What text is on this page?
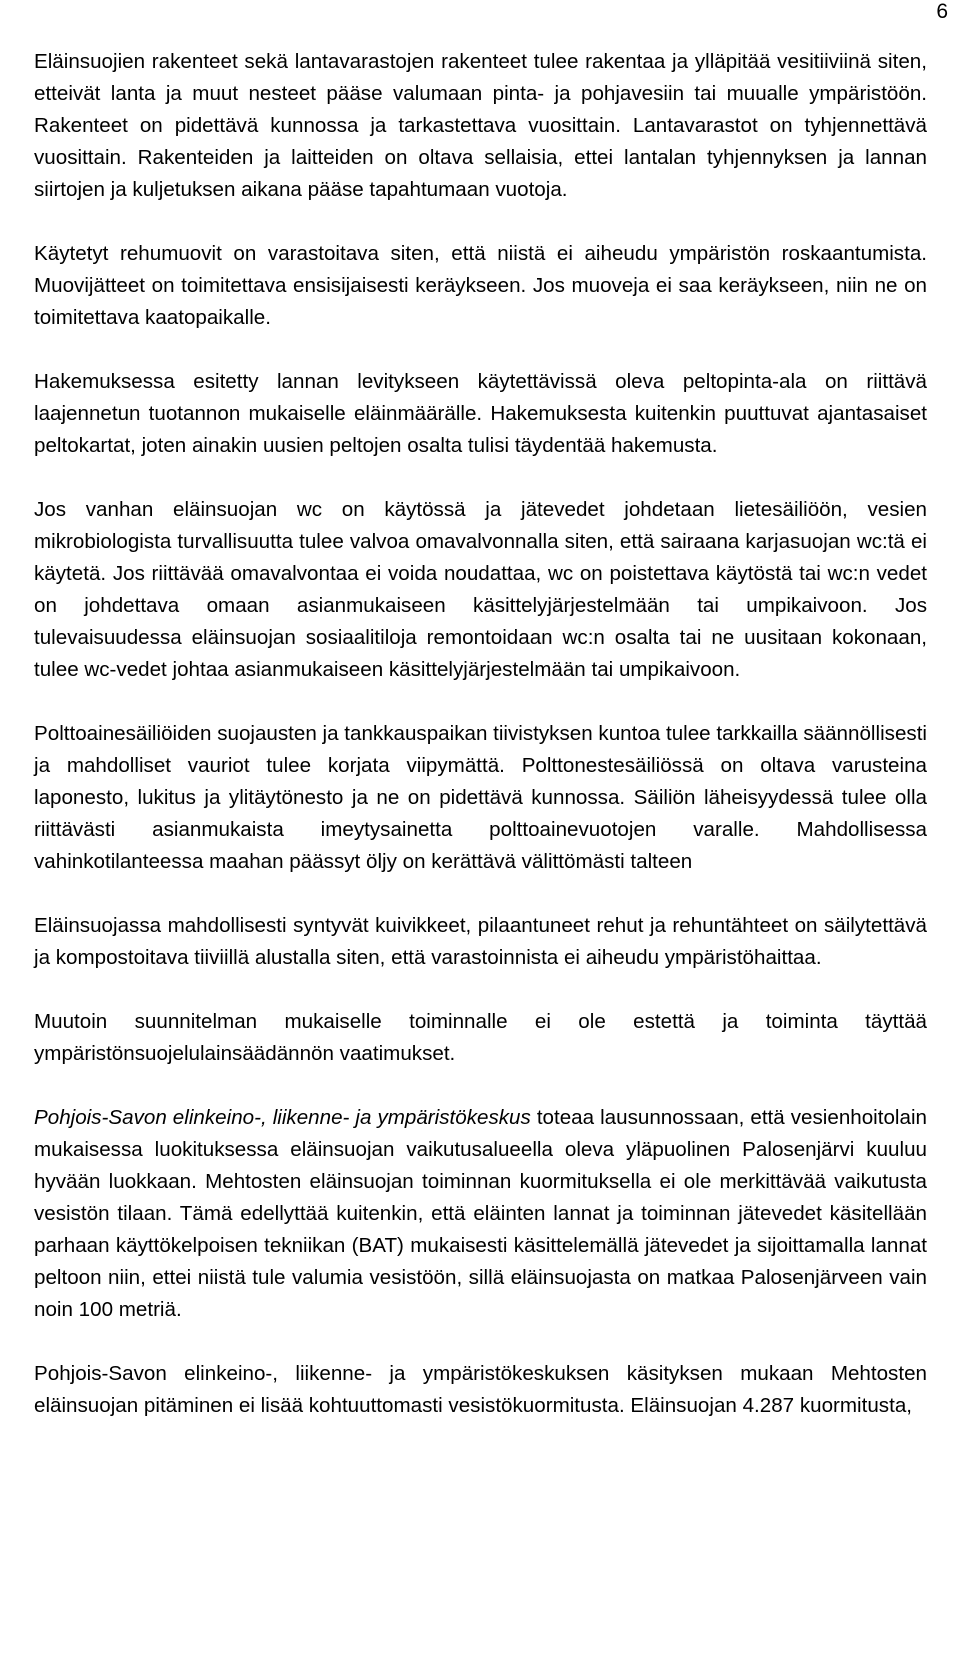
6

Eläinsuojien rakenteet sekä lantavarastojen rakenteet tulee rakentaa ja ylläpitää vesitiiviinä siten, etteivät lanta ja muut nesteet pääse valumaan pinta- ja pohjavesiin tai muualle ympäristöön. Rakenteet on pidettävä kunnossa ja tarkastettava vuosittain. Lantavarastot on tyhjennettävä vuosittain. Rakenteiden ja laitteiden on oltava sellaisia, ettei lantalan tyhjennyksen ja lannan siirtojen ja kuljetuksen aikana pääse tapahtumaan vuotoja.

Käytetyt rehumuovit on varastoitava siten, että niistä ei aiheudu ympäristön roskaantumista. Muovijätteet on toimitettava ensisijaisesti keräykseen. Jos muoveja ei saa keräykseen, niin ne on toimitettava kaatopaikalle.

Hakemuksessa esitetty lannan levitykseen käytettävissä oleva peltopinta-ala on riittävä laajennetun tuotannon mukaiselle eläinmäärälle. Hakemuksesta kuitenkin puuttuvat ajantasaiset peltokartat, joten ainakin uusien peltojen osalta tulisi täydentää hakemusta.

Jos vanhan eläinsuojan wc on käytössä ja jätevedet johdetaan lietesäiliöön, vesien mikrobiologista turvallisuutta tulee valvoa omavalvonnalla siten, että sairaana karjasuojan wc:tä ei käytetä. Jos riittävää omavalvontaa ei voida noudattaa, wc on poistettava käytöstä tai wc:n vedet on johdettava omaan asianmukaiseen käsittelyjärjestelmään tai umpikaivoon. Jos tulevaisuudessa eläinsuojan sosiaalitiloja remontoidaan wc:n osalta tai ne uusitaan kokonaan, tulee wc-vedet johtaa asianmukaiseen käsittelyjärjestelmään tai umpikaivoon.

Polttoainesäiliöiden suojausten ja tankkauspaikan tiivistyksen kuntoa tulee tarkkailla säännöllisesti ja mahdolliset vauriot tulee korjata viipymättä. Polttonestesäiliössä on oltava varusteina laponesto, lukitus ja ylitäytönesto ja ne on pidettävä kunnossa. Säiliön läheisyydessä tulee olla riittävästi asianmukaista imeytysainetta polttoainevuotojen varalle. Mahdollisessa vahinkotilanteessa maahan päässyt öljy on kerättävä välittömästi talteen

Eläinsuojassa mahdollisesti syntyvät kuivikkeet, pilaantuneet rehut ja rehuntähteet on säilytettävä ja kompostoitava tiiviillä alustalla siten, että varastoinnista ei aiheudu ympäristöhaittaa.

Muutoin suunnitelman mukaiselle toiminnalle ei ole estettä ja toiminta täyttää ympäristönsuojelulainsäädännön vaatimukset.

Pohjois-Savon elinkeino-, liikenne- ja ympäristökeskus toteaa lausunnossaan, että vesienhoitolain mukaisessa luokituksessa eläinsuojan vaikutusalueella oleva yläpuolinen Palosenjärvi kuuluu hyvään luokkaan. Mehtosten eläinsuojan toiminnan kuormituksella ei ole merkittävää vaikutusta vesistön tilaan. Tämä edellyttää kuitenkin, että eläinten lannat ja toiminnan jätevedet käsitellään parhaan käyttökelpoisen tekniikan (BAT) mukaisesti käsittelemällä jätevedet ja sijoittamalla lannat peltoon niin, ettei niistä tule valumia vesistöön, sillä eläinsuojasta on matkaa Palosenjärveen vain noin 100 metriä.

Pohjois-Savon elinkeino-, liikenne- ja ympäristökeskuksen käsityksen mukaan Mehtosten eläinsuojan pitäminen ei lisää kohtuuttomasti vesistökuormitusta. Eläinsuojan 4.287 kuormitusta,
